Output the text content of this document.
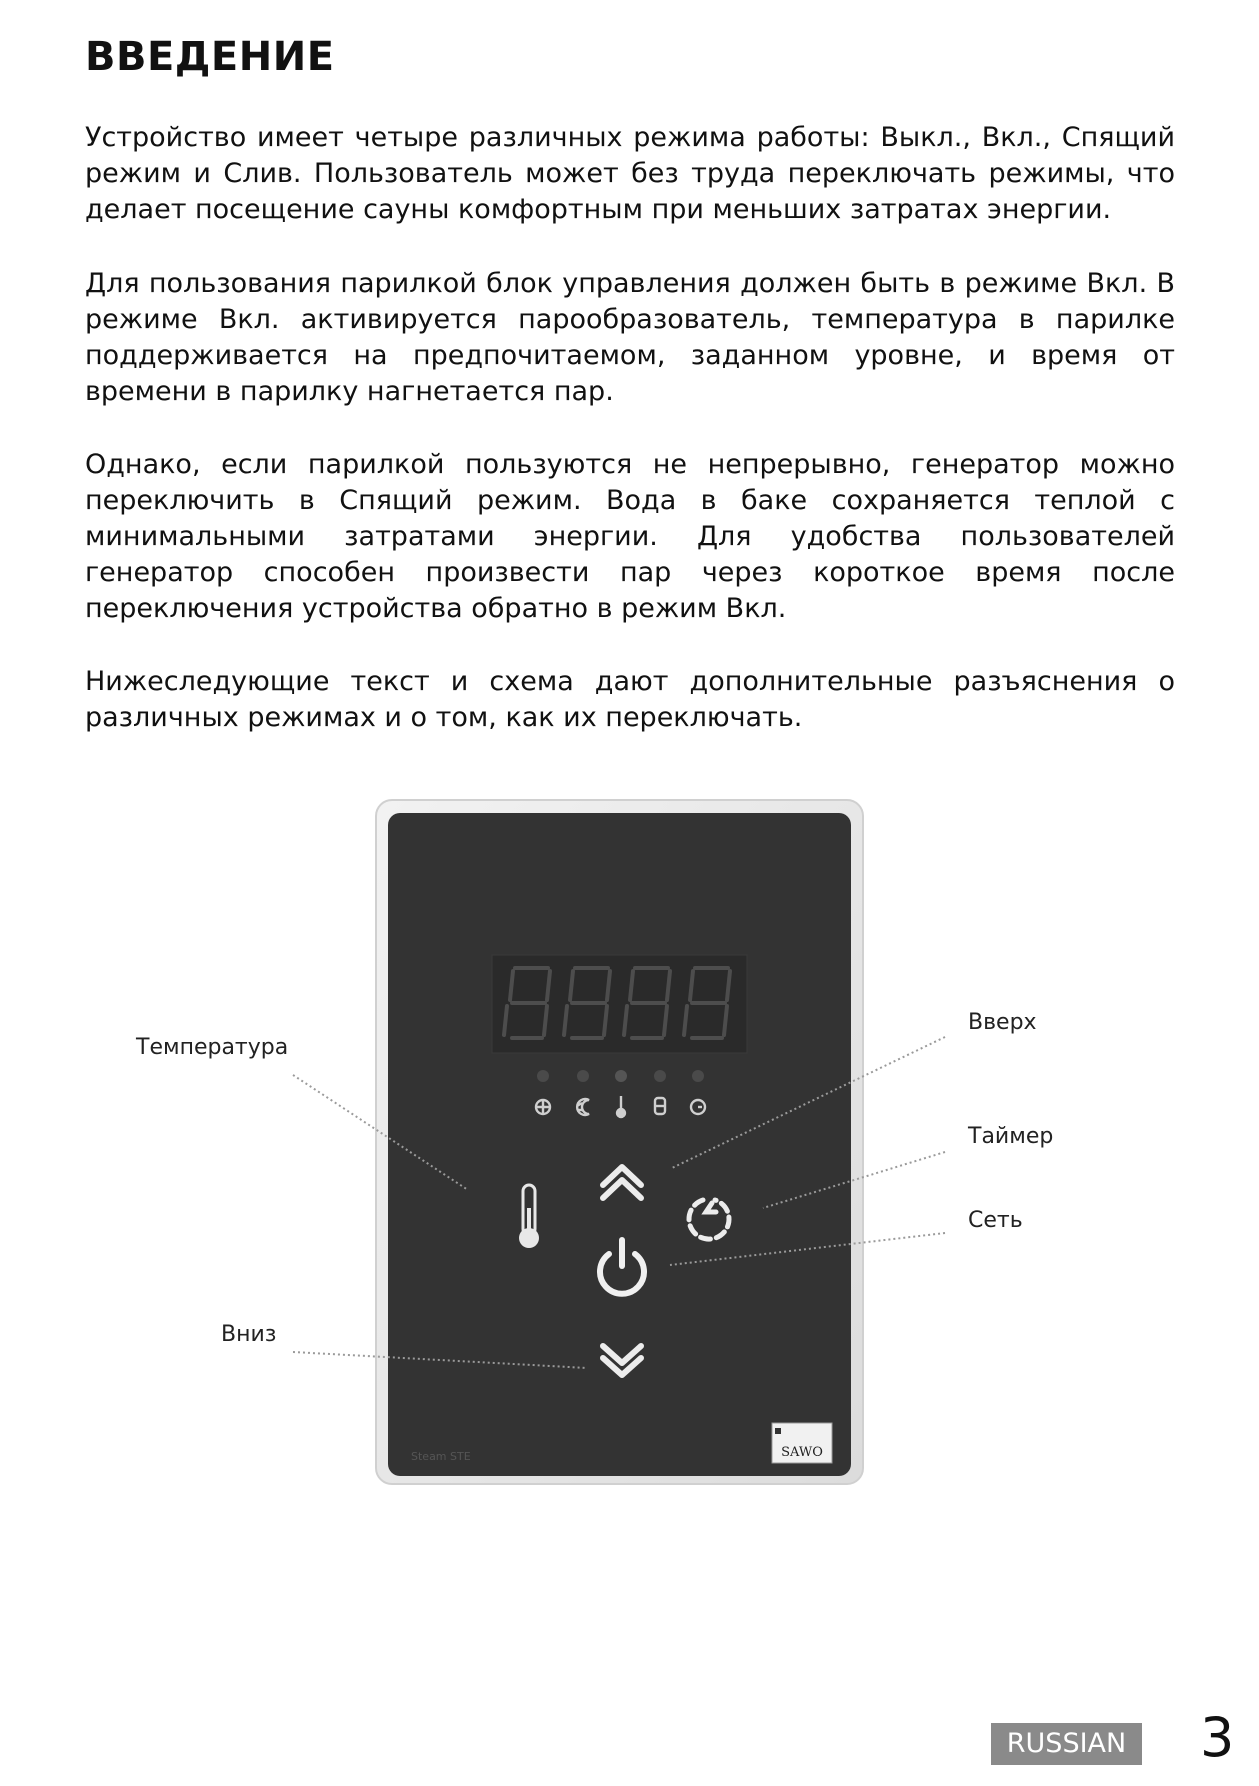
ВВЕДЕНИЕ

Устройство имеет четыре различных режима работы: Выкл., Вкл., Спящий режим и Слив. Пользователь может без труда переключать режимы, что делает посещение сауны комфортным при меньших затратах энергии.

Для пользования парилкой блок управления должен быть в режиме Вкл. В режиме Вкл. активируется парообразователь, температура в парилке поддерживается на предпочитаемом, заданном уровне, и время от времени в парилку нагнетается пар.

Однако, если парилкой пользуются не непрерывно, генератор можно переключить в Спящий режим. Вода в баке сохраняется теплой с минимальными затратами энергии. Для удобства пользователей генератор способен произвести пар через короткое время после переключения устройства обратно в режим Вкл.

Нижеследующие текст и схема дают дополнительные разъяснения о различных режимах и о том, как их переключать.

Steam STE	SAWO
Температура
Вверх
Таймер
Сеть
Вниз
RUSSIAN 3
